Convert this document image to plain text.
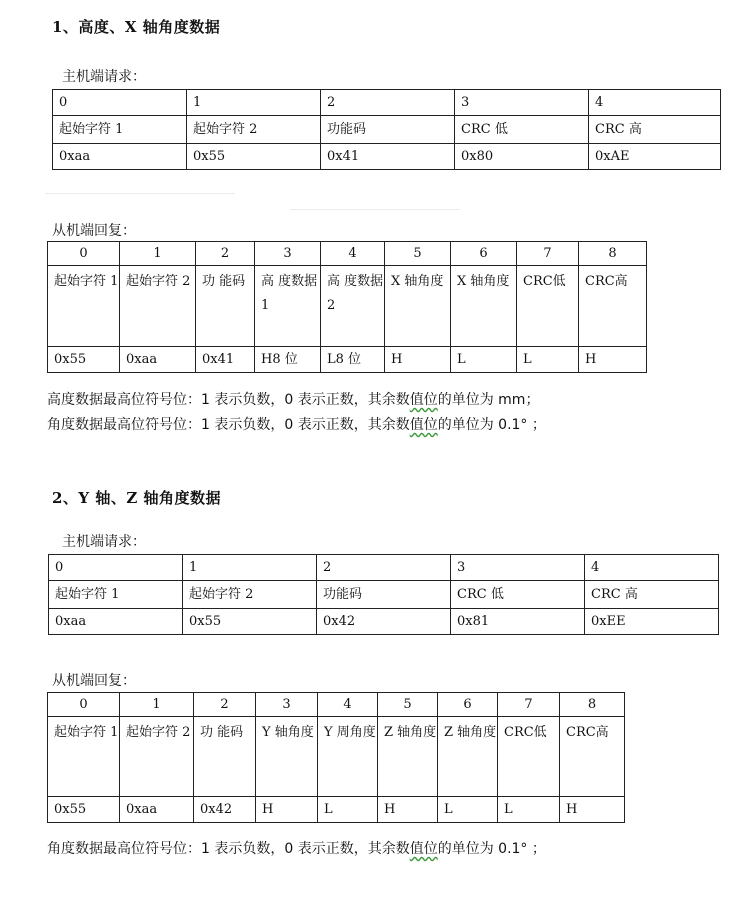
1、高度、X 轴角度数据
主机端请求：
0	1	2	3	4
起始字符 1	起始字符 2	功能码	CRC 低	CRC 高
0xaa	0x55	0x41	0x80	0xAE
从机端回复：
0	1	2	3	4	5	6	7	8
起始字符 1	起始字符 2	功 能码	高 度数据 1	高 度数据 2	X 轴角度	X 轴角度	CRC低	CRC高
0x55	0xaa	0x41	H8 位	L8 位	H	L	L	H
高度数据最高位符号位：1 表示负数，0 表示正数，其余数值位的单位为 mm；
角度数据最高位符号位：1 表示负数，0 表示正数，其余数值位的单位为 0.1° ；
2、Y 轴、Z 轴角度数据
主机端请求：
0	1	2	3	4
起始字符 1	起始字符 2	功能码	CRC 低	CRC 高
0xaa	0x55	0x42	0x81	0xEE
从机端回复：
0	1	2	3	4	5	6	7	8
起始字符 1	起始字符 2	功 能码	Y 轴角度	Y 周角度	Z 轴角度	Z 轴角度	CRC低	CRC高
0x55	0xaa	0x42	H	L	H	L	L	H
角度数据最高位符号位：1 表示负数，0 表示正数，其余数值位的单位为 0.1° ；
